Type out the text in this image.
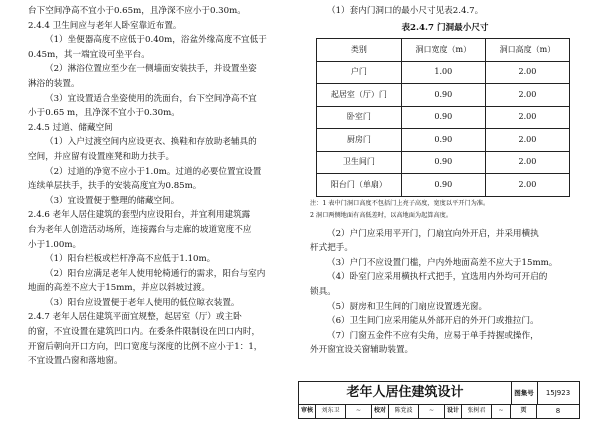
台下空间净高不宜小于0.65m，且净深不应小于0.30m。

2.4.4 卫生间应与老年人卧室靠近布置。

（1）坐便器高度不应低于0.40m，浴盆外缘高度不宜低于

0.45m，其一端宜设可坐平台。

（2）淋浴位置应至少在一侧墙面安装扶手，并设置坐姿

淋浴的装置。

（3）宜设置适合坐姿使用的洗面台，台下空间净高不宜

小于0.65 m，且净深不宜小于0.30m。

2.4.5 过道、储藏空间

（1）入户过渡空间内应设更衣、换鞋和存放助老辅具的

空间，并应留有设置座凳和助力扶手。

（2）过道的净宽不应小于1.0m。过道的必要位置宜设置

连续单层扶手，扶手的安装高度宜为0.85m。

（3）宜设置便于整理的储藏空间。

2.4.6 老年人居住建筑的套型内应设阳台，并宜利用建筑露

台为老年人创造活动场所，连接露台与走廊的坡道宽度不应

小于1.00m。

（1）阳台栏板或栏杆净高不应低于1.10m。

（2）阳台应满足老年人使用轮椅通行的需求，阳台与室内

地面的高差不应大于15mm，并应以斜坡过渡。

（3）阳台应设置便于老年人使用的低位晾衣装置。

2.4.7 老年人居住建筑平面宜规整，起居室（厅）或主卧

的窗，不宜设置在建筑凹口内。在委条件限制设在凹口内时，

开窗后朝向开口方向，凹口宽度与深度的比例不应小于1：1，

不宜设置凸窗和落地窗。

（1）套内门洞口的最小尺寸见表2.4.7。

表2.4.7 门洞最小尺寸

类别	洞口宽度（m）	洞口高度（m）
户门	1.00	2.00
起居室（厅）门	0.90	2.00
卧室门	0.90	2.00
厨房门	0.90	2.00
卫生间门	0.90	2.00
阳台门（单扇）	0.90	2.00

注：1 表中门洞口高度不包括门上亮子高度，宽度以平开门为准。

2 洞口两侧地面有高低差时，以高地面为起算高度。

（2）户门应采用平开门，门扇宜向外开启，并采用横执

杆式把手。

（3）户门不应设置门槛，户内外地面高差不应大于15mm。

（4）卧室门应采用横执杆式把手，宜选用内外均可开启的

锁具。

（5）厨房和卫生间的门扇应设置透光窗。

（6）卫生间门应采用能从外部开启的外开门或推拉门。

（7）门窗五金件不应有尖角，应易于单手持握或操作，

外开窗宜设关窗辅助装置。

老年人居住建筑设计	图集号	15J923
审核	刘东卫	~	校对	陈党波	~	设计	张树君	~	页	8
